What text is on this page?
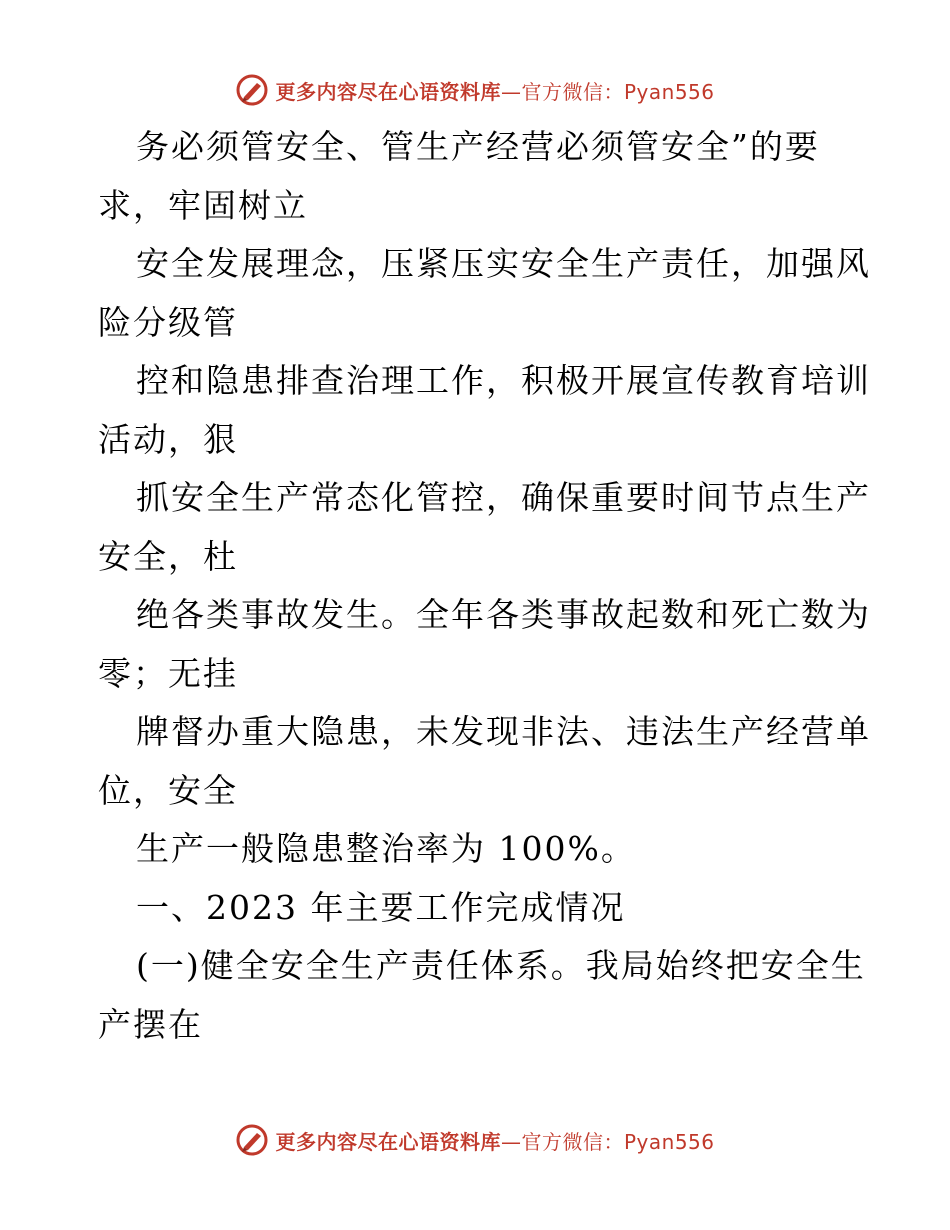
更多内容尽在心语资料库—官方微信：Pyan556
务必须管安全、管生产经营必须管安全”的要
求，牢固树立
安全发展理念，压紧压实安全生产责任，加强风
险分级管
控和隐患排查治理工作，积极开展宣传教育培训
活动，狠
抓安全生产常态化管控，确保重要时间节点生产
安全，杜
绝各类事故发生。全年各类事故起数和死亡数为
零；无挂
牌督办重大隐患，未发现非法、违法生产经营单
位，安全
生产一般隐患整治率为 100%。
一、2023 年主要工作完成情况
(一)健全安全生产责任体系。我局始终把安全生
产摆在
更多内容尽在心语资料库—官方微信：Pyan556
